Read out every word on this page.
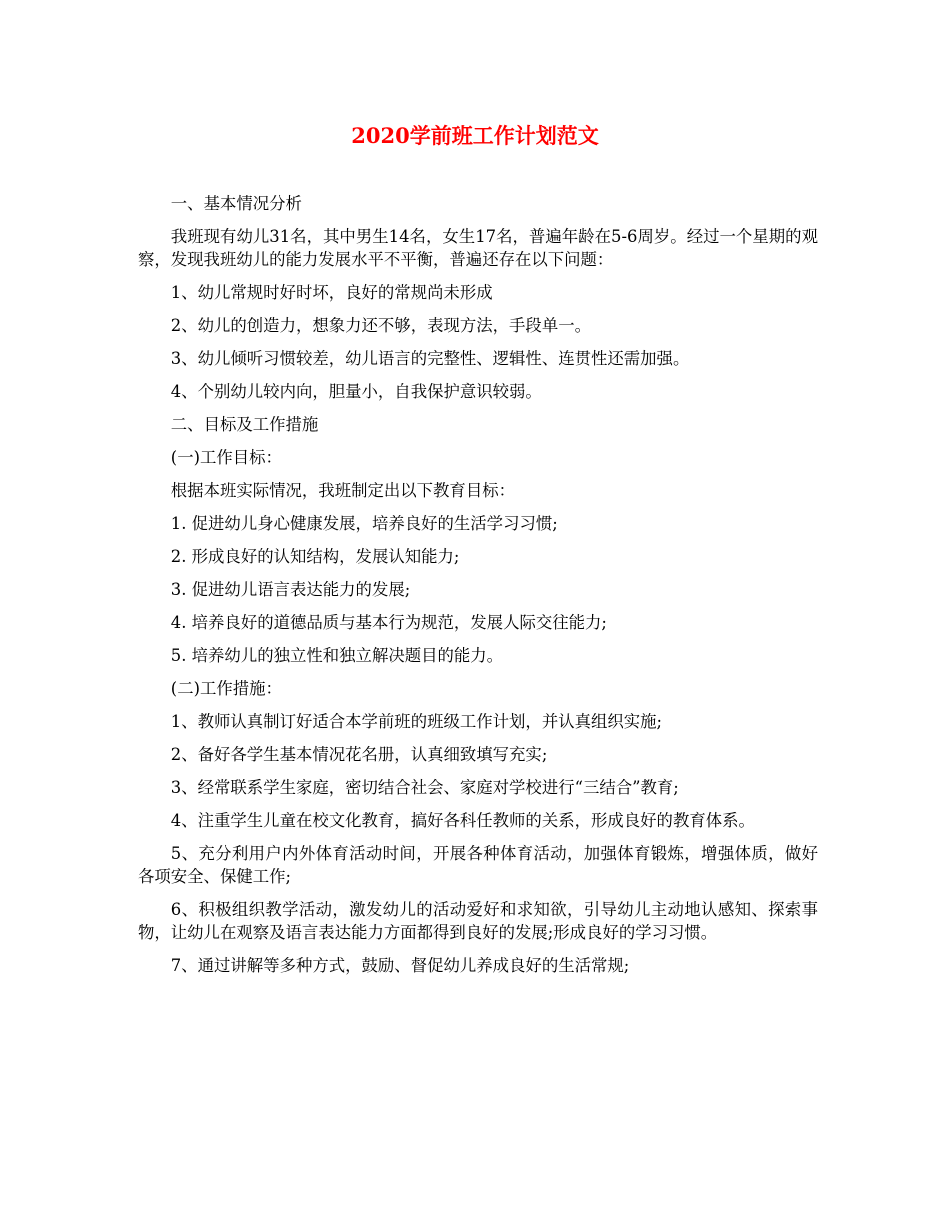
2020学前班工作计划范文

一、基本情况分析

我班现有幼儿31名，其中男生14名，女生17名，普遍年龄在5-6周岁。经过一个星期的观察，发现我班幼儿的能力发展水平不平衡，普遍还存在以下问题：

1、幼儿常规时好时坏，良好的常规尚未形成

2、幼儿的创造力，想象力还不够，表现方法，手段单一。

3、幼儿倾听习惯较差，幼儿语言的完整性、逻辑性、连贯性还需加强。

4、个别幼儿较内向，胆量小，自我保护意识较弱。

二、目标及工作措施

(一)工作目标：

根据本班实际情况，我班制定出以下教育目标：

1. 促进幼儿身心健康发展，培养良好的生活学习习惯;

2. 形成良好的认知结构，发展认知能力;

3. 促进幼儿语言表达能力的发展;

4. 培养良好的道德品质与基本行为规范，发展人际交往能力;

5. 培养幼儿的独立性和独立解决题目的能力。

(二)工作措施：

1、教师认真制订好适合本学前班的班级工作计划，并认真组织实施;

2、备好各学生基本情况花名册，认真细致填写充实;

3、经常联系学生家庭，密切结合社会、家庭对学校进行“三结合”教育;

4、注重学生儿童在校文化教育，搞好各科任教师的关系，形成良好的教育体系。

5、充分利用户内外体育活动时间，开展各种体育活动，加强体育锻炼，增强体质，做好各项安全、保健工作;

6、积极组织教学活动，激发幼儿的活动爱好和求知欲，引导幼儿主动地认感知、探索事物，让幼儿在观察及语言表达能力方面都得到良好的发展;形成良好的学习习惯。

7、通过讲解等多种方式，鼓励、督促幼儿养成良好的生活常规;
